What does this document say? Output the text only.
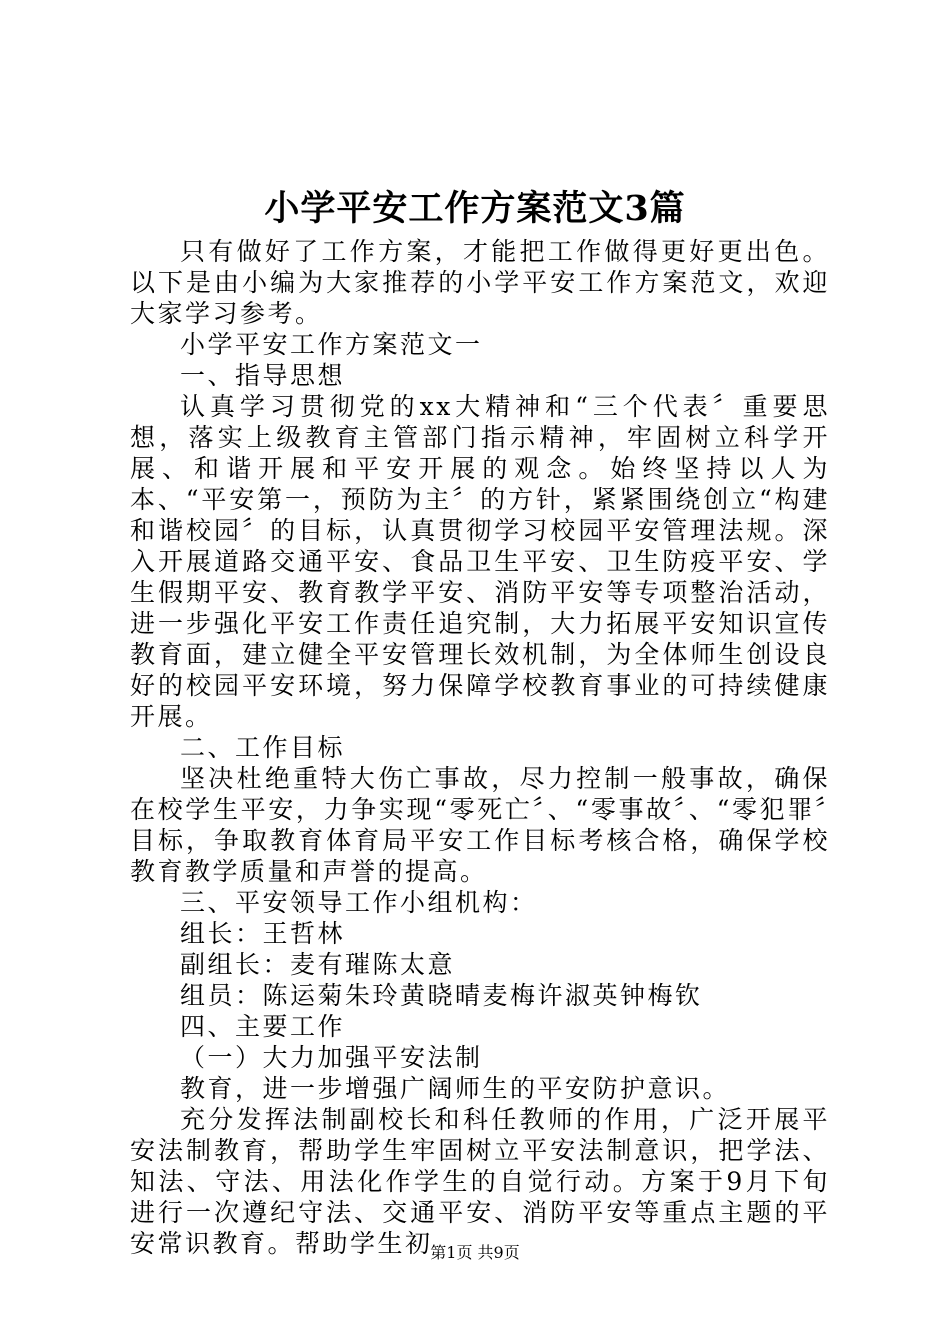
小学平安工作方案范文3篇

只有做好了工作方案，才能把工作做得更好更出色。以下是由小编为大家推荐的小学平安工作方案范文，欢迎大家学习参考。

小学平安工作方案范文一

一、指导思想

认真学习贯彻党的xx大精神和“三个代表〞重要思想，落实上级教育主管部门指示精神，牢固树立科学开展、和谐开展和平安开展的观念。始终坚持以人为本、“平安第一，预防为主〞的方针，紧紧围绕创立“构建和谐校园〞的目标，认真贯彻学习校园平安管理法规。深入开展道路交通平安、食品卫生平安、卫生防疫平安、学生假期平安、教育教学平安、消防平安等专项整治活动，进一步强化平安工作责任追究制，大力拓展平安知识宣传教育面，建立健全平安管理长效机制，为全体师生创设良好的校园平安环境，努力保障学校教育事业的可持续健康开展。

二、工作目标

坚决杜绝重特大伤亡事故，尽力控制一般事故，确保在校学生平安，力争实现“零死亡〞、“零事故〞、“零犯罪〞目标，争取教育体育局平安工作目标考核合格，确保学校教育教学质量和声誉的提高。

三、平安领导工作小组机构：

组长：王哲林

副组长：麦有璀陈太意

组员：陈运菊朱玲黄晓晴麦梅许淑英钟梅钦

四、主要工作

（一）大力加强平安法制

教育，进一步增强广阔师生的平安防护意识。

充分发挥法制副校长和科任教师的作用，广泛开展平安法制教育，帮助学生牢固树立平安法制意识，把学法、知法、守法、用法化作学生的自觉行动。方案于9月下旬进行一次遵纪守法、交通平安、消防平安等重点主题的平安常识教育。帮助学生初

第1页 共9页
